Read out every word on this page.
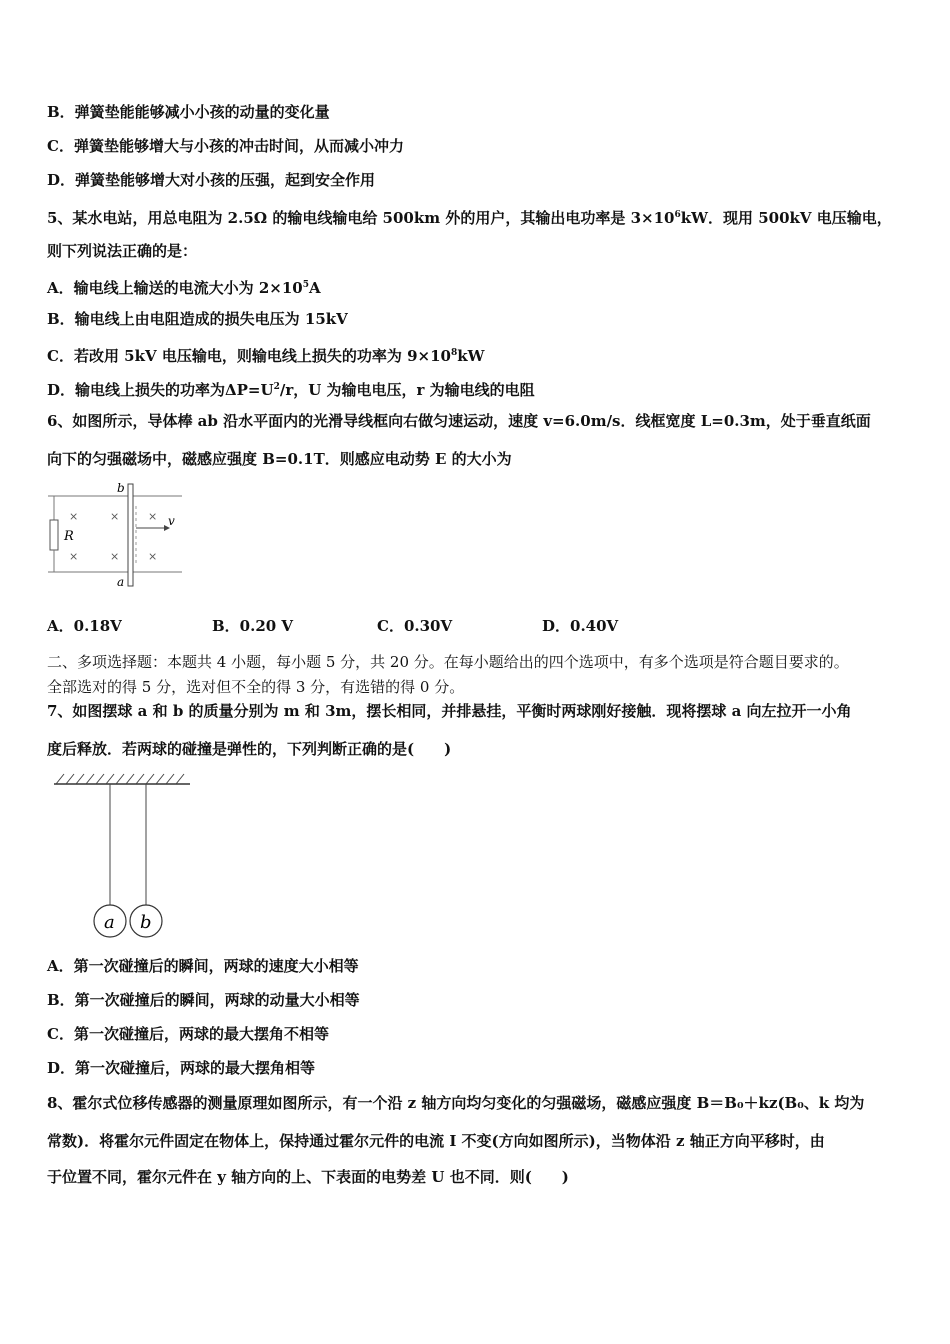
B．弹簧垫能能够减小小孩的动量的变化量
C．弹簧垫能够增大与小孩的冲击时间，从而减小冲力
D．弹簧垫能够增大对小孩的压强，起到安全作用
5、某水电站，用总电阻为 2.5Ω 的输电线输电给 500km 外的用户，其输出电功率是 $3\times 10^6kW$．现用 500kV 电压输电，
则下列说法正确的是：
A．输电线上输送的电流大小为 $2\times 10^5A$
B．输电线上由电阻造成的损失电压为 15kV
C．若改用 5kV 电压输电，则输电线上损失的功率为 $9\times 10^8kW$
D．输电线上损失的功率为$\Delta P=U^2/r$，U 为输电电压，r 为输电线的电阻
6、如图所示，导体棒 ab 沿水平面内的光滑导线框向右做匀速运动，速度 v=6.0m/s．线框宽度 L=0.3m，处于垂直纸面
向下的匀强磁场中，磁感应强度 B=0.1T．则感应电动势 E 的大小为
R
b
a
×	×	×
×	×	×
v
A．0.18V	B．0.20 V	C．0.30V	D．0.40V
二、多项选择题：本题共 4 小题，每小题 5 分，共 20 分。在每小题给出的四个选项中，有多个选项是符合题目要求的。
全部选对的得 5 分，选对但不全的得 3 分，有选错的得 0 分。
7、如图摆球 a 和 b 的质量分别为 m 和 3m，摆长相同，并排悬挂，平衡时两球刚好接触．现将摆球 a 向左拉开一小角
度后释放．若两球的碰撞是弹性的，下列判断正确的是(　　)
a b
A．第一次碰撞后的瞬间，两球的速度大小相等
B．第一次碰撞后的瞬间，两球的动量大小相等
C．第一次碰撞后，两球的最大摆角不相等
D．第一次碰撞后，两球的最大摆角相等
8、霍尔式位移传感器的测量原理如图所示，有一个沿 z 轴方向均匀变化的匀强磁场，磁感应强度 B＝B₀＋kz(B₀、k 均为
常数)．将霍尔元件固定在物体上，保持通过霍尔元件的电流 I 不变(方向如图所示)，当物体沿 z 轴正方向平移时，由
于位置不同，霍尔元件在 y 轴方向的上、下表面的电势差 U 也不同．则(　　)
